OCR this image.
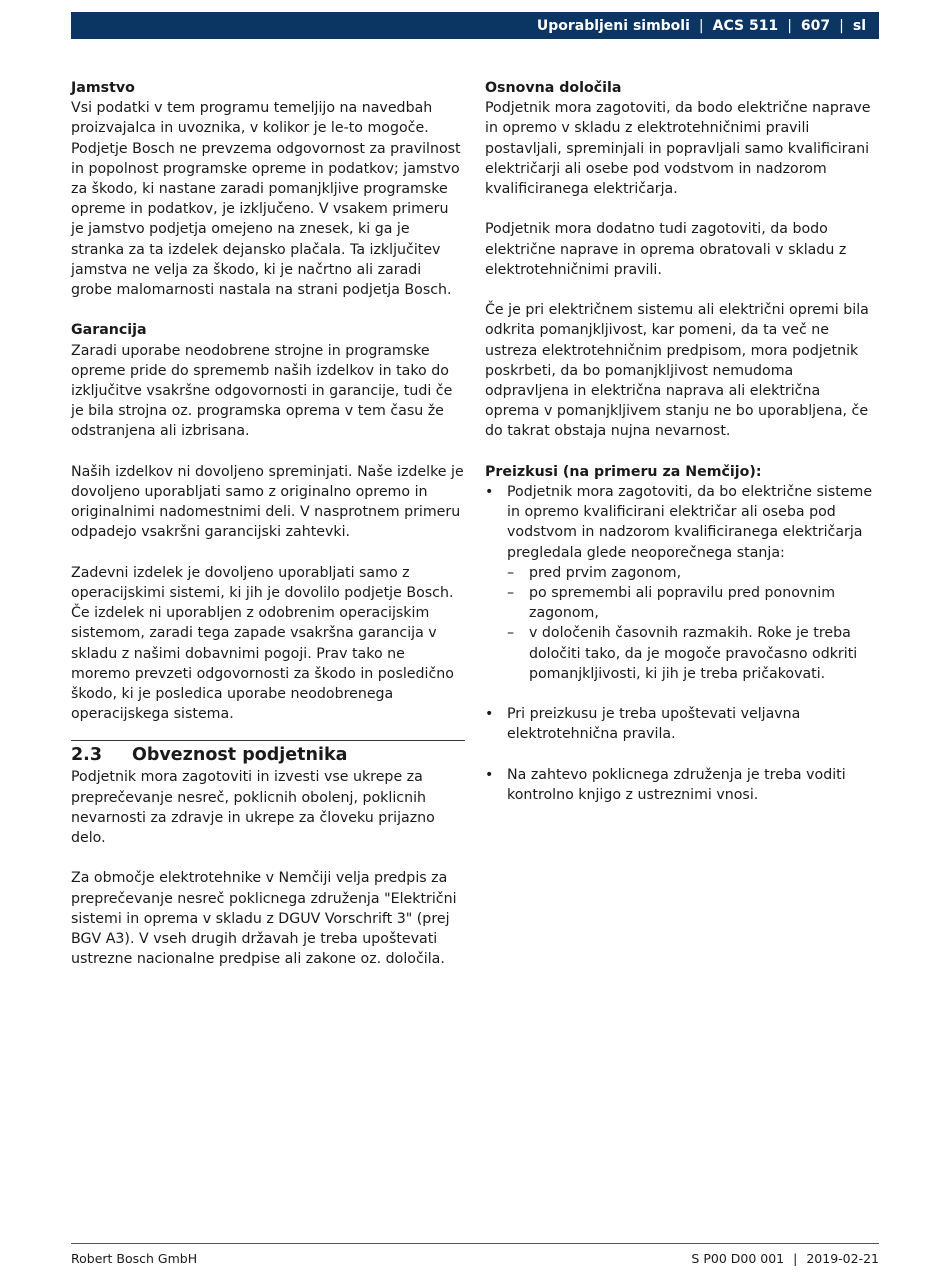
Uporabljeni simboli | ACS 511 | 607 | sl

Jamstvo

Vsi podatki v tem programu temeljijo na navedbah proizvajalca in uvoznika, v kolikor je le-to mogoče. Podjetje Bosch ne prevzema odgovornost za pravilnost in popolnost programske opreme in podatkov; jamstvo za škodo, ki nastane zaradi pomanjkljive programske opreme in podatkov, je izključeno. V vsakem primeru je jamstvo podjetja omejeno na znesek, ki ga je stranka za ta izdelek dejansko plačala. Ta izključitev jamstva ne velja za škodo, ki je načrtno ali zaradi grobe malomarnosti nastala na strani podjetja Bosch.

Garancija

Zaradi uporabe neodobrene strojne in programske opreme pride do sprememb naših izdelkov in tako do izključitve vsakršne odgovornosti in garancije, tudi če je bila strojna oz. programska oprema v tem času že odstranjena ali izbrisana.

Naših izdelkov ni dovoljeno spreminjati. Naše izdelke je dovoljeno uporabljati samo z originalno opremo in originalnimi nadomestnimi deli. V nasprotnem primeru odpadejo vsakršni garancijski zahtevki.

Zadevni izdelek je dovoljeno uporabljati samo z operacijskimi sistemi, ki jih je dovolilo podjetje Bosch. Če izdelek ni uporabljen z odobrenim operacijskim sistemom, zaradi tega zapade vsakršna garancija v skladu z našimi dobavnimi pogoji. Prav tako ne moremo prevzeti odgovornosti za škodo in posledično škodo, ki je posledica uporabe neodobrenega operacijskega sistema.

2.3 Obveznost podjetnika

Podjetnik mora zagotoviti in izvesti vse ukrepe za preprečevanje nesreč, poklicnih obolenj, poklicnih nevarnosti za zdravje in ukrepe za človeku prijazno delo.

Za območje elektrotehnike v Nemčiji velja predpis za preprečevanje nesreč poklicnega združenja "Električni sistemi in oprema v skladu z DGUV Vorschrift 3" (prej BGV A3). V vseh drugih državah je treba upoštevati ustrezne nacionalne predpise ali zakone oz. določila.

Osnovna določila

Podjetnik mora zagotoviti, da bodo električne naprave in opremo v skladu z elektrotehničnimi pravili postavljali, spreminjali in popravljali samo kvalificirani električarji ali osebe pod vodstvom in nadzorom kvalificiranega električarja.

Podjetnik mora dodatno tudi zagotoviti, da bodo električne naprave in oprema obratovali v skladu z elektrotehničnimi pravili.

Če je pri električnem sistemu ali električni opremi bila odkrita pomanjkljivost, kar pomeni, da ta več ne ustreza elektrotehničnim predpisom, mora podjetnik poskrbeti, da bo pomanjkljivost nemudoma odpravljena in električna naprava ali električna oprema v pomanjkljivem stanju ne bo uporabljena, če do takrat obstaja nujna nevarnost.

Preizkusi (na primeru za Nemčijo):

• Podjetnik mora zagotoviti, da bo električne sisteme in opremo kvalificirani električar ali oseba pod vodstvom in nadzorom kvalificiranega električarja pregledala glede neoporečnega stanja:
– pred prvim zagonom,
– po spremembi ali popravilu pred ponovnim zagonom,
– v določenih časovnih razmakih. Roke je treba določiti tako, da je mogoče pravočasno odkriti pomanjkljivosti, ki jih je treba pričakovati.
• Pri preizkusu je treba upoštevati veljavna elektrotehnična pravila.
• Na zahtevo poklicnega združenja je treba voditi kontrolno knjigo z ustreznimi vnosi.
Robert Bosch GmbH	S P00 D00 001 | 2019-02-21
